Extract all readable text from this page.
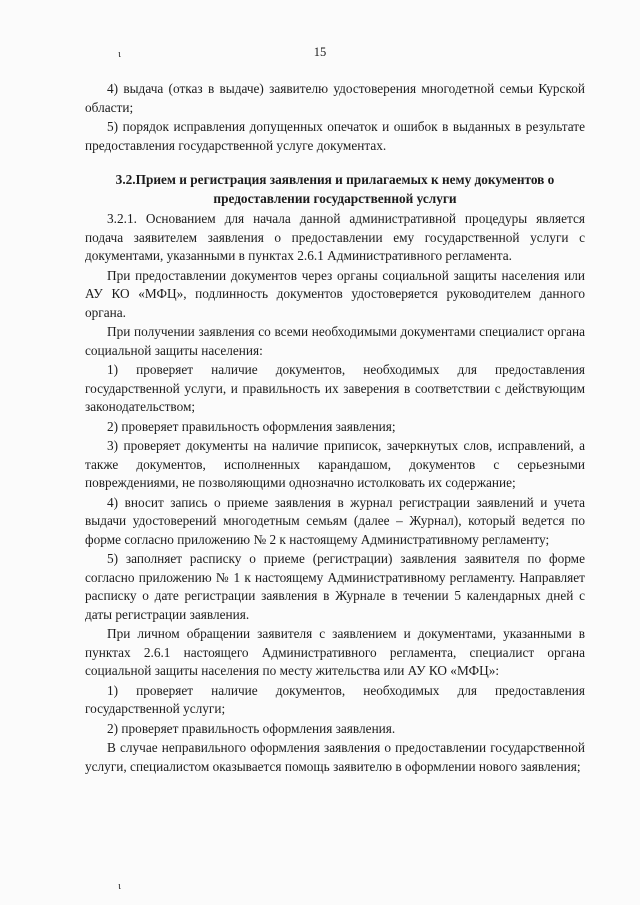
ι	15

4) выдача (отказ в выдаче) заявителю удостоверения многодетной семьи Курской области;

5) порядок исправления допущенных опечаток и ошибок в выданных в результате предоставления государственной услуге документах.

3.2.Прием и регистрация заявления и прилагаемых к нему документов о предоставлении государственной услуги

3.2.1. Основанием для начала данной административной процедуры является подача заявителем заявления о предоставлении ему государственной услуги с документами, указанными в пунктах 2.6.1 Административного регламента.

При предоставлении документов через органы социальной защиты населения или АУ КО «МФЦ», подлинность документов удостоверяется руководителем данного органа.

При получении заявления со всеми необходимыми документами специалист органа социальной защиты населения:

1) проверяет наличие документов, необходимых для предоставления государственной услуги, и правильность их заверения в соответствии с действующим законодательством;

2) проверяет правильность оформления заявления;

3) проверяет документы на наличие приписок, зачеркнутых слов, исправлений, а также документов, исполненных карандашом, документов с серьезными повреждениями, не позволяющими однозначно истолковать их содержание;

4) вносит запись о приеме заявления в журнал регистрации заявлений и учета выдачи удостоверений многодетным семьям (далее – Журнал), который ведется по форме согласно приложению № 2 к настоящему Административному регламенту;

5) заполняет расписку о приеме (регистрации) заявления заявителя по форме согласно приложению № 1 к настоящему Административному регламенту. Направляет расписку о дате регистрации заявления в Журнале в течении 5 календарных дней с даты регистрации заявления.

При личном обращении заявителя с заявлением и документами, указанными в пунктах 2.6.1 настоящего Административного регламента, специалист органа социальной защиты населения по месту жительства или АУ КО «МФЦ»:

1) проверяет наличие документов, необходимых для предоставления государственной услуги;

2) проверяет правильность оформления заявления.

В случае неправильного оформления заявления о предоставлении государственной услуги, специалистом оказывается помощь заявителю в оформлении нового заявления;

ι
